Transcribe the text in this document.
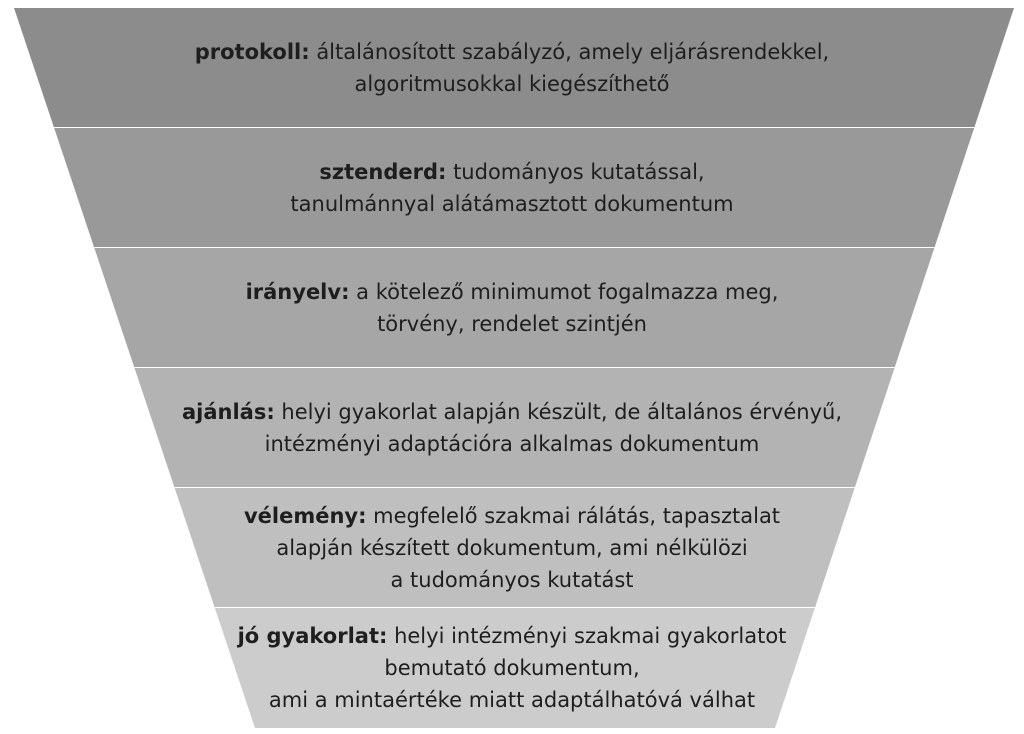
protokoll: általánosított szabályzó, amely eljárásrendekkel,
algoritmusokkal kiegészíthető
sztenderd: tudományos kutatással,
tanulmánnyal alátámasztott dokumentum
irányelv: a kötelező minimumot fogalmazza meg,
törvény, rendelet szintjén
ajánlás: helyi gyakorlat alapján készült, de általános érvényű,
intézményi adaptációra alkalmas dokumentum
vélemény: megfelelő szakmai rálátás, tapasztalat
alapján készített dokumentum, ami nélkülözi
a tudományos kutatást
jó gyakorlat: helyi intézményi szakmai gyakorlatot
bemutató dokumentum,
ami a mintaértéke miatt adaptálhatóvá válhat
